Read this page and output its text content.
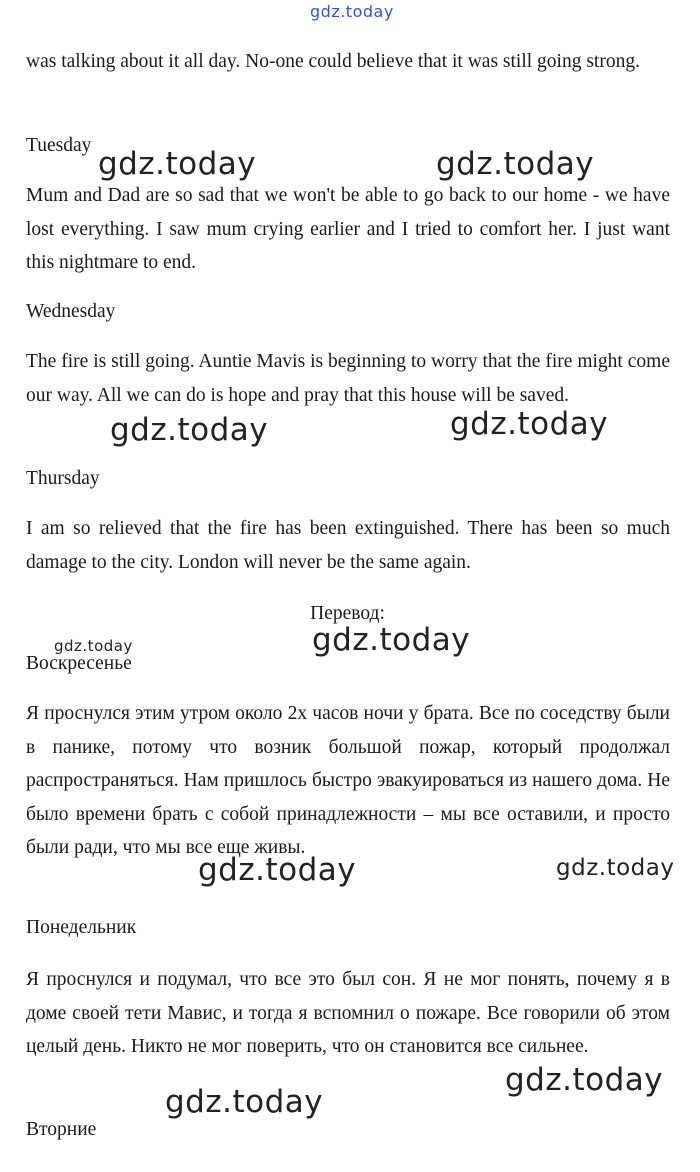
gdz.today

was talking about it all day. No-one could believe that it was still going strong.

Tuesday

gdz.today	gdz.today

Mum and Dad are so sad that we won't be able to go back to our home - we have lost everything. I saw mum crying earlier and I tried to comfort her. I just want this nightmare to end.

Wednesday

The fire is still going. Auntie Mavis is beginning to worry that the fire might come our way. All we can do is hope and pray that this house will be saved.

gdz.today	gdz.today

Thursday

I am so relieved that the fire has been extinguished. There has been so much damage to the city. London will never be the same again.

Перевод:

gdz.today
gdz.today

Воскресенье

Я проснулся этим утром около 2х часов ночи у брата. Все по соседству были в панике, потому что возник большой пожар, который продолжал распространяться. Нам пришлось быстро эвакуироваться из нашего дома. Не было времени брать с собой принадлежности – мы все оставили, и просто были ради, что мы все еще живы.

gdz.today	gdz.today

Понедельник

Я проснулся и подумал, что все это был сон. Я не мог понять, почему я в доме своей тети Мавис, и тогда я вспомнил о пожаре. Все говорили об этом целый день. Никто не мог поверить, что он становится все сильнее.

gdz.today
gdz.today

Вторние
